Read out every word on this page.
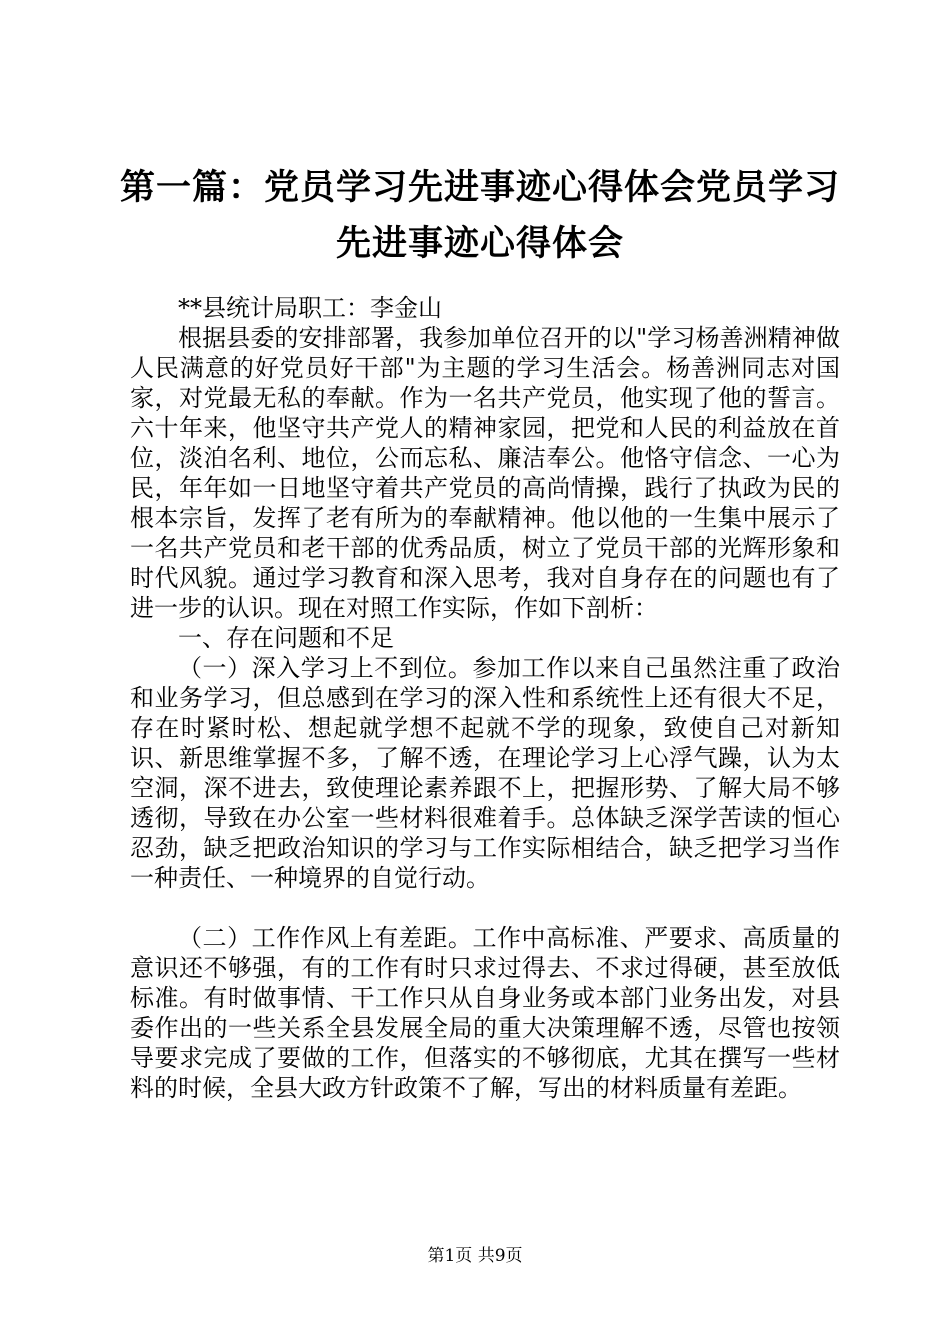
第一篇：党员学习先进事迹心得体会党员学习先进事迹心得体会

**县统计局职工：李金山

根据县委的安排部署，我参加单位召开的以"学习杨善洲精神做人民满意的好党员好干部"为主题的学习生活会。杨善洲同志对国家，对党最无私的奉献。作为一名共产党员，他实现了他的誓言。六十年来，他坚守共产党人的精神家园，把党和人民的利益放在首位，淡泊名利、地位，公而忘私、廉洁奉公。他恪守信念、一心为民，年年如一日地坚守着共产党员的高尚情操，践行了执政为民的根本宗旨，发挥了老有所为的奉献精神。他以他的一生集中展示了一名共产党员和老干部的优秀品质，树立了党员干部的光辉形象和时代风貌。通过学习教育和深入思考，我对自身存在的问题也有了进一步的认识。现在对照工作实际，作如下剖析：

一、存在问题和不足

（一）深入学习上不到位。参加工作以来自己虽然注重了政治和业务学习，但总感到在学习的深入性和系统性上还有很大不足，存在时紧时松、想起就学想不起就不学的现象，致使自己对新知识、新思维掌握不多，了解不透，在理论学习上心浮气躁，认为太空洞，深不进去，致使理论素养跟不上，把握形势、了解大局不够透彻，导致在办公室一些材料很难着手。总体缺乏深学苦读的恒心忍劲，缺乏把政治知识的学习与工作实际相结合，缺乏把学习当作一种责任、一种境界的自觉行动。

（二）工作作风上有差距。工作中高标准、严要求、高质量的意识还不够强，有的工作有时只求过得去、不求过得硬，甚至放低标准。有时做事情、干工作只从自身业务或本部门业务出发，对县委作出的一些关系全县发展全局的重大决策理解不透，尽管也按领导要求完成了要做的工作，但落实的不够彻底，尤其在撰写一些材料的时候，全县大政方针政策不了解，写出的材料质量有差距。

第1页 共9页
